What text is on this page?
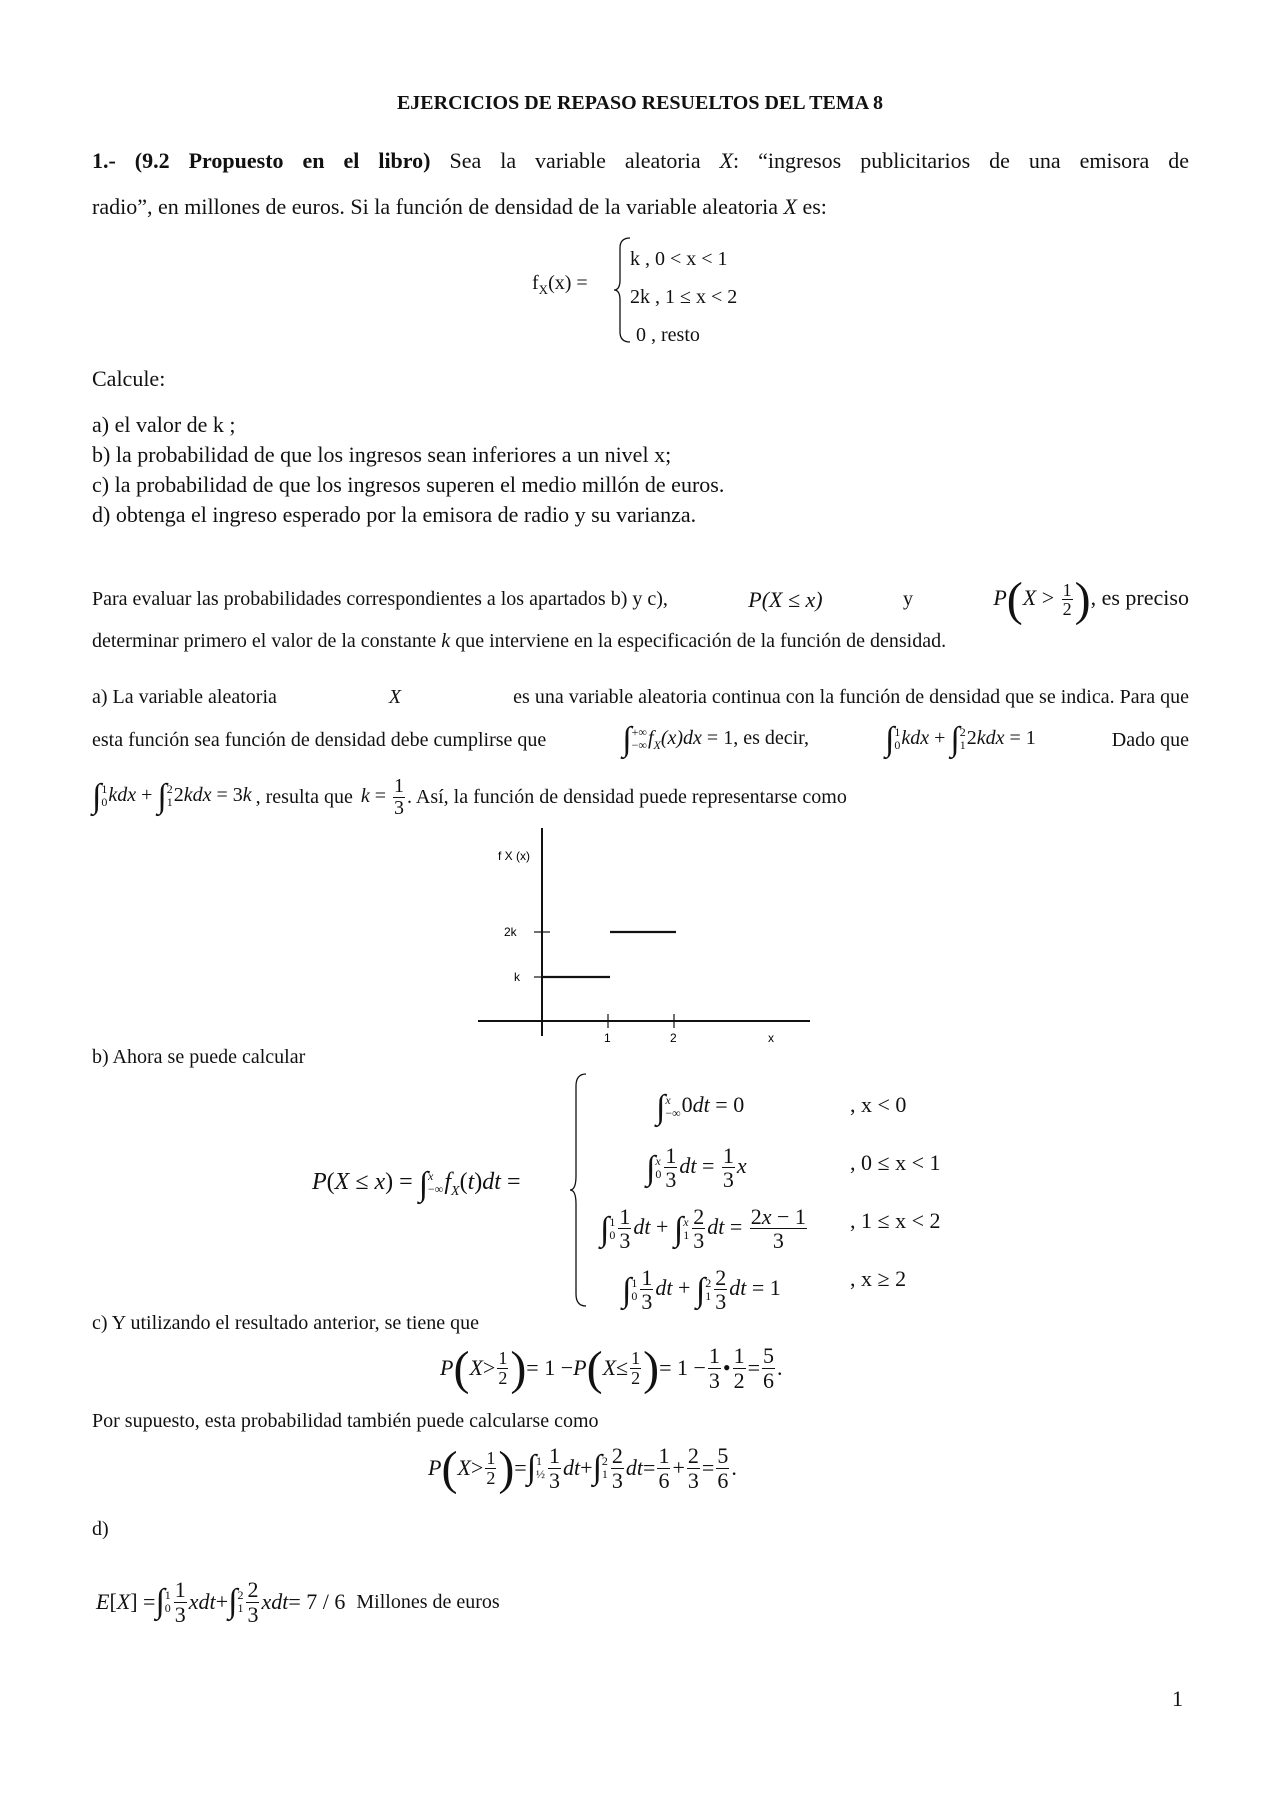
EJERCICIOS DE REPASO RESUELTOS DEL TEMA 8
1.- (9.2 Propuesto en el libro) Sea la variable aleatoria X: “ingresos publicitarios de una emisora de
radio”, en millones de euros. Si la función de densidad de la variable aleatoria X es:
$f_X(x)$ =
k , 0 < x < 1
2k , 1 ≤ x < 2
0 , resto
Calcule:
a) el valor de k ;
b) la probabilidad de que los ingresos sean inferiores a un nivel x;
c) la probabilidad de que los ingresos superen el medio millón de euros.
d) obtenga el ingreso esperado por la emisora de radio y su varianza.
Para evaluar las probabilidades correspondientes a los apartados b) y c),	P(X ≤ x)	y	$P(X > \frac{1}{2}$ ), es preciso
determinar primero el valor de la constante k que interviene en la especificación de la función de densidad.
a) La variable aleatoria	X	es una variable aleatoria continua con la función de densidad que se indica. Para que
esta función sea función de densidad debe cumplirse que ∫ +∞
−∞ $f_X(x)dx = 1$, es decir, ∫ 1
0 kdx + ∫ 2
1 2kdx = 1	Dado que
∫ 1
0 kdx + ∫ 2
1 2kdx = 3k , resulta que $k = \frac{1}{3}$ . Así, la función de densidad puede representarse como
f X (x)
2k
k
1	2	x
b) Ahora se puede calcular
P(X ≤ x) = ∫ x
−∞ $f_X(t)dt$ =
∫ x
−∞ 0dt = 0
∫ x
$0 \frac{1}{3}$ dt = $\frac{1}{3}$ x
∫ 1
$0 \frac{1}{3}$ dt + ∫ x
$1 \frac{2}{3}$ dt = $\frac{2x - 1}{3}$
∫ 1
$0 \frac{1}{3}$ dt + ∫ 2
$1 \frac{2}{3}$ dt = 1
, x < 0
, 0 ≤ x < 1
, 1 ≤ x < 2
, x ≥ 2
c) Y utilizando el resultado anterior, se tiene que
P ( $X > \frac{1}{2}$ ) = 1 − P ( $X \le \frac{1}{2}$ ) = $1 - \frac{1}{3}$ • $\frac{1}{2} = \frac{5}{6}$ .
Por supuesto, esta probabilidad también puede calcularse como
P ( $X > \frac{1}{2}$ ) = ∫ 1
½ $\frac{1}{3}$ dt + ∫ 2
$1 \frac{2}{3}$ dt = $\frac{1}{6} + \frac{2}{3} = \frac{5}{6}$ .
d)
E [ X ] = ∫ 1
$0 \frac{1}{3}$ xdt + ∫ 2
$1 \frac{2}{3}$ xdt = 7 / 6 Millones de euros
1
